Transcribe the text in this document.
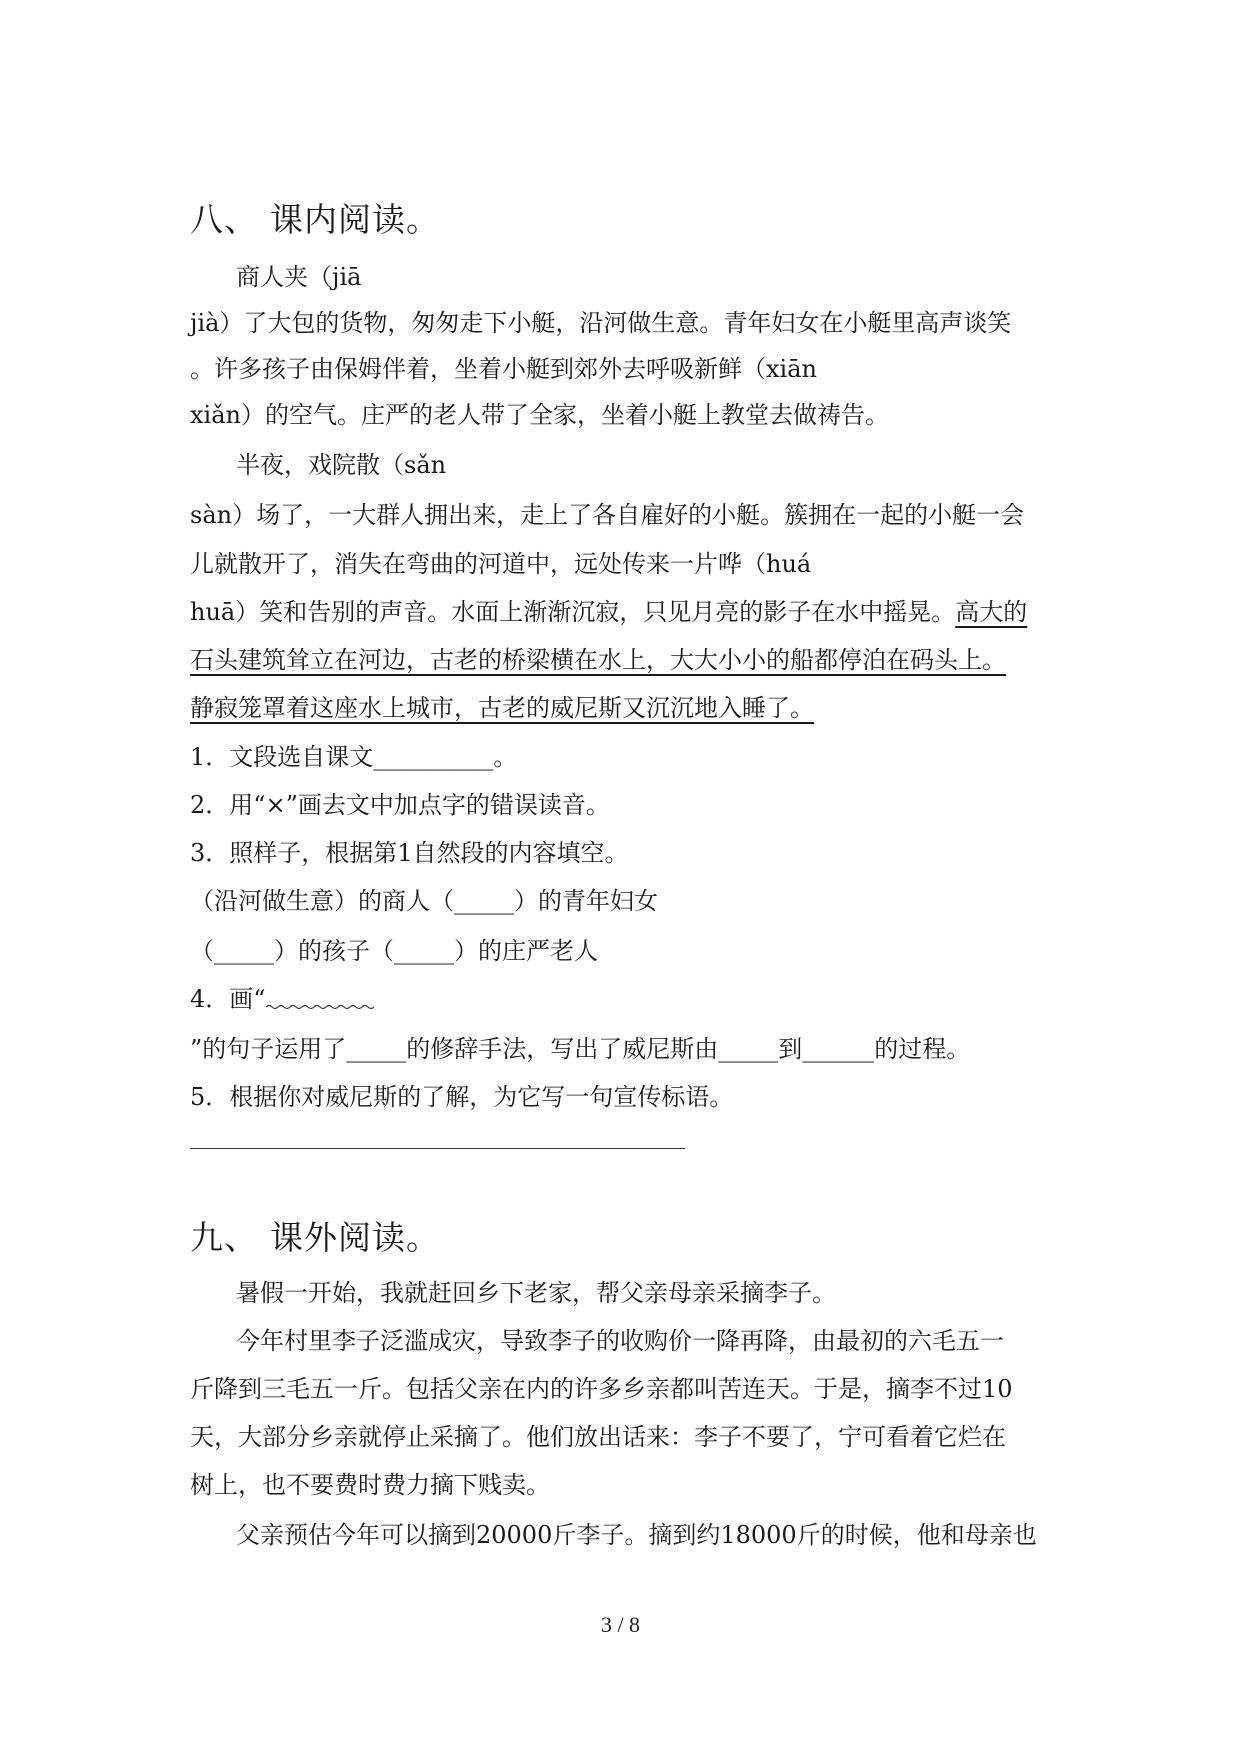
八、 课内阅读。
商人夹（jiā
jià）了大包的货物，匆匆走下小艇，沿河做生意。青年妇女在小艇里高声谈笑
。许多孩子由保姆伴着，坐着小艇到郊外去呼吸新鲜（xiān
xiǎn）的空气。庄严的老人带了全家，坐着小艇上教堂去做祷告。
半夜，戏院散（sǎn
sàn）场了，一大群人拥出来，走上了各自雇好的小艇。簇拥在一起的小艇一会
儿就散开了，消失在弯曲的河道中，远处传来一片哗（huá
huā）笑和告别的声音。水面上渐渐沉寂，只见月亮的影子在水中摇晃。高大的
石头建筑耸立在河边，古老的桥梁横在水上，大大小小的船都停泊在码头上。
静寂笼罩着这座水上城市，古老的威尼斯又沉沉地入睡了。
1．文段选自课文__________。
2．用“×”画去文中加点字的错误读音。
3．照样子，根据第1自然段的内容填空。
（沿河做生意）的商人（_____）的青年妇女
（_____）的孩子（_____）的庄严老人
4．画“
”的句子运用了_____的修辞手法，写出了威尼斯由_____到______的过程。
5．根据你对威尼斯的了解，为它写一句宣传标语。
九、 课外阅读。
暑假一开始，我就赶回乡下老家，帮父亲母亲采摘李子。
今年村里李子泛滥成灾，导致李子的收购价一降再降，由最初的六毛五一
斤降到三毛五一斤。包括父亲在内的许多乡亲都叫苦连天。于是，摘李不过10
天，大部分乡亲就停止采摘了。他们放出话来：李子不要了，宁可看着它烂在
树上，也不要费时费力摘下贱卖。
父亲预估今年可以摘到20000斤李子。摘到约18000斤的时候，他和母亲也
3 / 8
